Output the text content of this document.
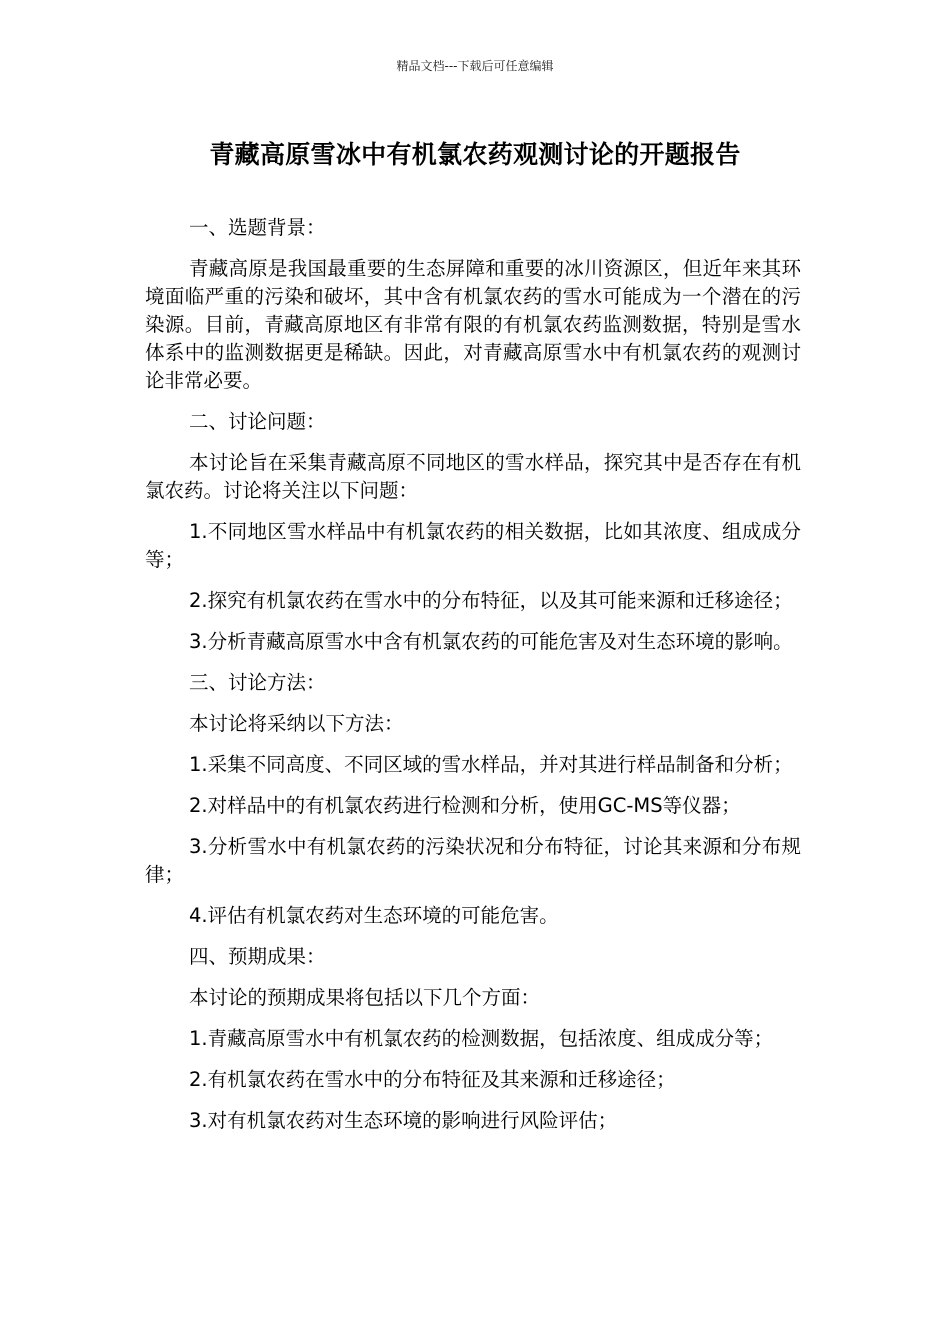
精品文档---下载后可任意编辑
青藏高原雪冰中有机氯农药观测讨论的开题报告

一、选题背景：

青藏高原是我国最重要的生态屏障和重要的冰川资源区，但近年来其环境面临严重的污染和破坏，其中含有机氯农药的雪水可能成为一个潜在的污染源。目前，青藏高原地区有非常有限的有机氯农药监测数据，特别是雪水体系中的监测数据更是稀缺。因此，对青藏高原雪水中有机氯农药的观测讨论非常必要。

二、讨论问题：

本讨论旨在采集青藏高原不同地区的雪水样品，探究其中是否存在有机氯农药。讨论将关注以下问题：

1.不同地区雪水样品中有机氯农药的相关数据，比如其浓度、组成成分等；

2.探究有机氯农药在雪水中的分布特征，以及其可能来源和迁移途径；

3.分析青藏高原雪水中含有机氯农药的可能危害及对生态环境的影响。

三、讨论方法：

本讨论将采纳以下方法：

1.采集不同高度、不同区域的雪水样品，并对其进行样品制备和分析；

2.对样品中的有机氯农药进行检测和分析，使用GC-MS等仪器；

3.分析雪水中有机氯农药的污染状况和分布特征，讨论其来源和分布规律；

4.评估有机氯农药对生态环境的可能危害。

四、预期成果：

本讨论的预期成果将包括以下几个方面：

1.青藏高原雪水中有机氯农药的检测数据，包括浓度、组成成分等；

2.有机氯农药在雪水中的分布特征及其来源和迁移途径；

3.对有机氯农药对生态环境的影响进行风险评估；
